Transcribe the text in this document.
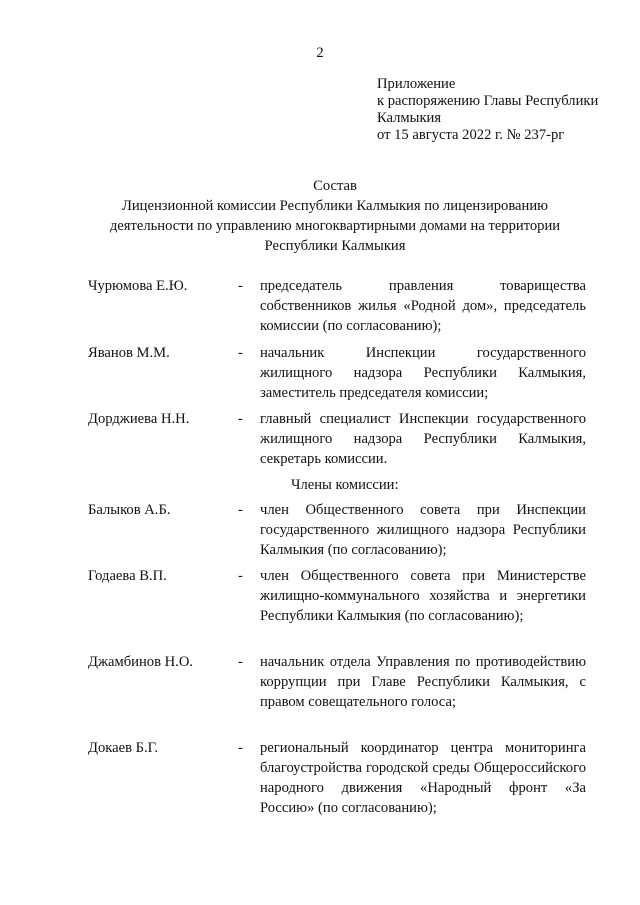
2
Приложение
к распоряжению Главы Республики
Калмыкия
от 15 августа 2022 г. № 237-рг
Состав
Лицензионной комиссии Республики Калмыкия по лицензированию
деятельности по управлению многоквартирными домами на территории
Республики Калмыкия
Чурюмова Е.Ю.	-	председатель правления товарищества собственников жилья «Родной дом», председатель комиссии (по согласованию);
Яванов М.М.	-	начальник Инспекции государственного жилищного надзора Республики Калмыкия, заместитель председателя комиссии;
Дорджиева Н.Н.	-	главный специалист Инспекции государственного жилищного надзора Республики Калмыкия, секретарь комиссии.
Члены комиссии:
Балыков А.Б.	-	член Общественного совета при Инспекции государственного жилищного надзора Республики Калмыкия (по согласованию);
Годаева В.П.	-	член Общественного совета при Министерстве жилищно-коммунального хозяйства и энергетики Республики Калмыкия (по согласованию);
Джамбинов Н.О.	-	начальник отдела Управления по противодействию коррупции при Главе Республики Калмыкия, с правом совещательного голоса;
Докаев Б.Г.	-	региональный координатор центра мониторинга благоустройства городской среды Общероссийского народного движения «Народный фронт «За Россию» (по согласованию);
